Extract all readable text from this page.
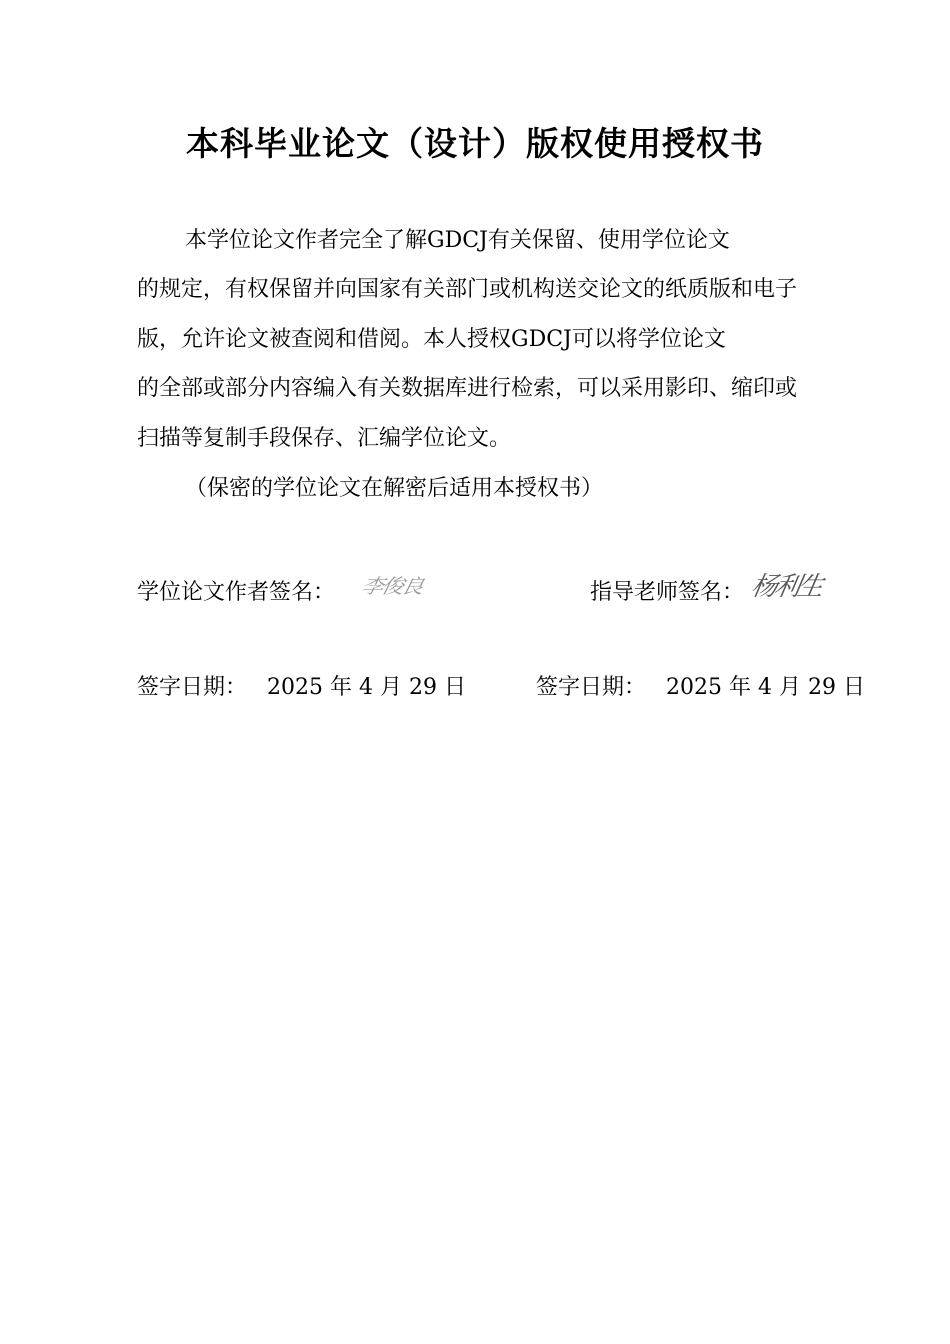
本科毕业论文（设计）版权使用授权书
本学位论文作者完全了解GDCJ有关保留、使用学位论文
的规定，有权保留并向国家有关部门或机构送交论文的纸质版和电子
版，允许论文被查阅和借阅。本人授权GDCJ可以将学位论文
的全部或部分内容编入有关数据库进行检索，可以采用影印、缩印或
扫描等复制手段保存、汇编学位论文。
（保密的学位论文在解密后适用本授权书）
学位论文作者签名： 李俊良	指导老师签名： 杨利生
签字日期： 2025 年 4 月 29 日	签字日期： 2025 年 4 月 29 日
